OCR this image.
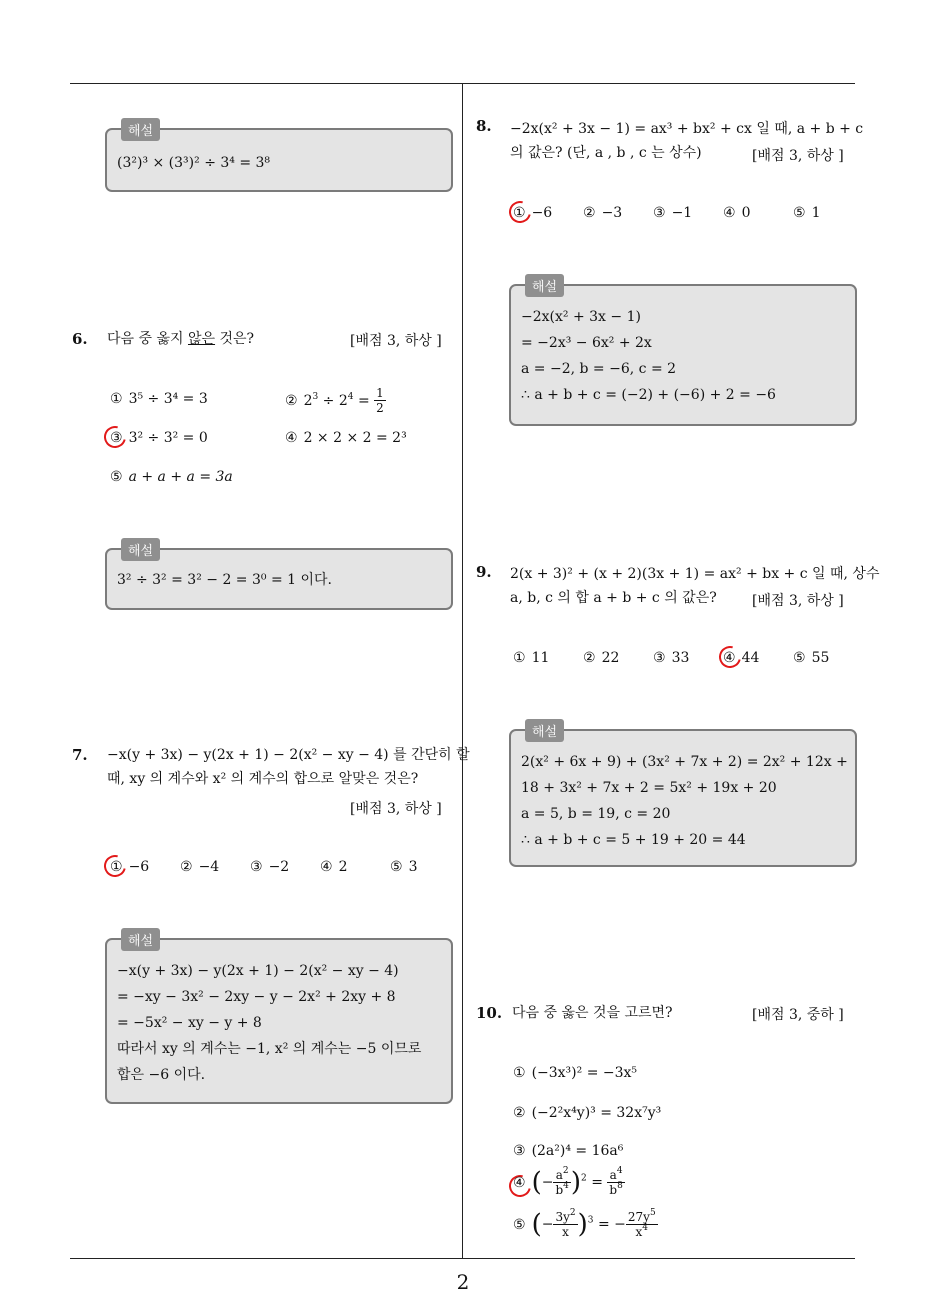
2
해설
(3²)³ × (3³)² ÷ 3⁴ = 3⁸
6. 다음 중 옳지 않은 것은?	[배점 3, 하상 ]
① 3⁵ ÷ 3⁴ = 3	② $2^3 \div 2^4 = \frac{1}{2}$
③ 3² ÷ 3² = 0	④ 2 × 2 × 2 = 2³
⑤ a + a + a = 3a
해설
3² ÷ 3² = 3² − 2 = 3⁰ = 1 이다.
7. −x(y + 3x) − y(2x + 1) − 2(x² − xy − 4) 를 간단히 할
때, xy 의 계수와 x² 의 계수의 합으로 알맞은 것은?
[배점 3, 하상 ]
① −6 ② −4 ③ −2 ④ 2	⑤ 3
해설
−x(y + 3x) − y(2x + 1) − 2(x² − xy − 4)
= −xy − 3x² − 2xy − y − 2x² + 2xy + 8
= −5x² − xy − y + 8
따라서 xy 의 계수는 −1, x² 의 계수는 −5 이므로
합은 −6 이다.
8. −2x(x² + 3x − 1) = ax³ + bx² + cx 일 때, a + b + c
의 값은? (단, a , b , c 는 상수)	[배점 3, 하상 ]
① −6 ② −3 ③ −1 ④ 0	⑤ 1
해설
−2x(x² + 3x − 1)
= −2x³ − 6x² + 2x
a = −2, b = −6, c = 2
∴ a + b + c = (−2) + (−6) + 2 = −6
9. 2(x + 3)² + (x + 2)(3x + 1) = ax² + bx + c 일 때, 상수
a, b, c 의 합 a + b + c 의 값은?	[배점 3, 하상 ]
① 11 ② 22 ③ 33 ④ 44 ⑤ 55
해설
2(x² + 6x + 9) + (3x² + 7x + 2) = 2x² + 12x +
18 + 3x² + 7x + 2 = 5x² + 19x + 20
a = 5, b = 19, c = 20
∴ a + b + c = 5 + 19 + 20 = 44
10. 다음 중 옳은 것을 고르면?	[배점 3, 중하 ]
① (−3x³)² = −3x⁵
② (−2²x⁴y)³ = 32x⁷y³
③ (2a²)⁴ = 16a⁶
④ (− $\frac{a^2}{b^4} )^2 = \frac{a^4}{b^8}$
⑤ (− $\frac{3y^2}{x} )^3$ = − $\frac{27y^5}{x^4}$
